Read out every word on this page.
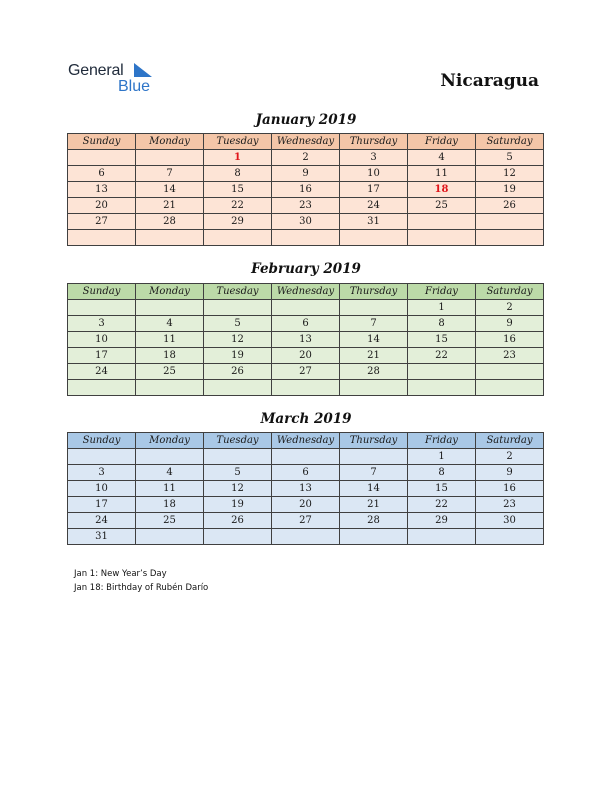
General
Blue	Nicaragua
January 2019
Sunday	Monday	Tuesday	Wednesday	Thursday	Friday	Saturday
		1	2	3	4	5
6	7	8	9	10	11	12
13	14	15	16	17	18	19
20	21	22	23	24	25	26
27	28	29	30	31		

February 2019
Sunday	Monday	Tuesday	Wednesday	Thursday	Friday	Saturday
					1	2
3	4	5	6	7	8	9
10	11	12	13	14	15	16
17	18	19	20	21	22	23
24	25	26	27	28		

March 2019
Sunday	Monday	Tuesday	Wednesday	Thursday	Friday	Saturday
					1	2
3	4	5	6	7	8	9
10	11	12	13	14	15	16
17	18	19	20	21	22	23
24	25	26	27	28	29	30
31						
Jan 1: New Year’s Day
Jan 18: Birthday of Rubén Darío
